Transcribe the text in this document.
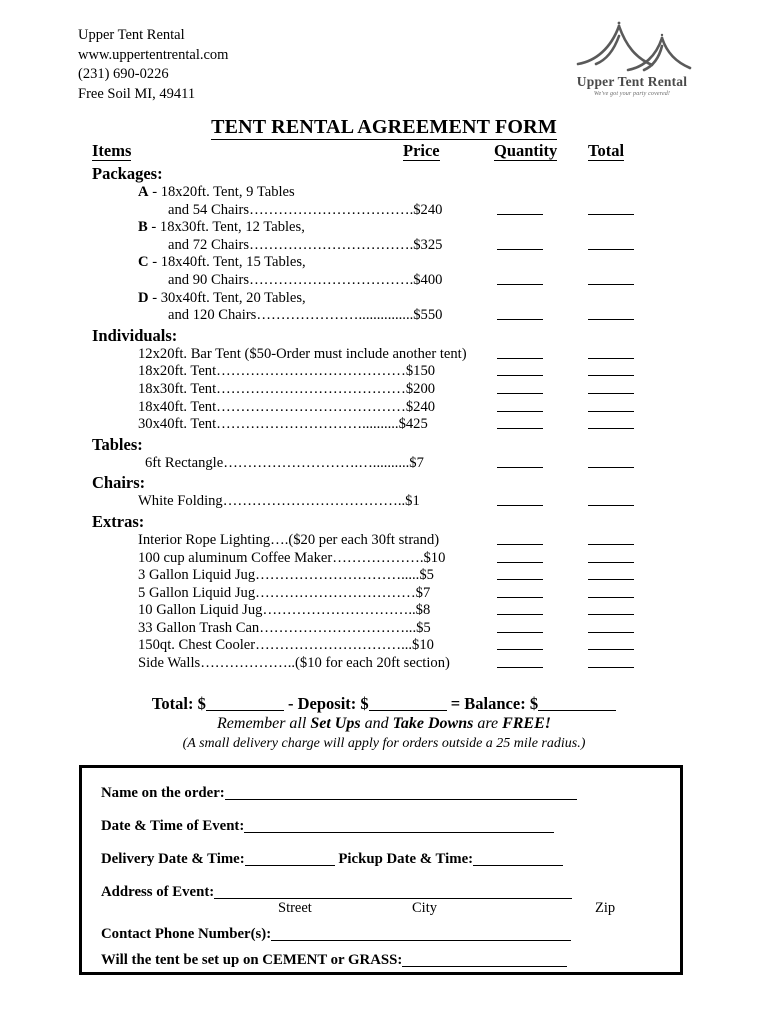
Upper Tent Rental
www.uppertentrental.com
(231) 690-0226
Free Soil MI, 49411
Upper Tent Rental
We've got your party covered!
TENT RENTAL AGREEMENT FORM
Items	Price	Quantity Total
Packages:
A - 18x20ft. Tent, 9 Tables
and 54 Chairs…………………………….$240
B - 18x30ft. Tent, 12 Tables,
and 72 Chairs…………………………….$325
C - 18x40ft. Tent, 15 Tables,
and 90 Chairs…………………………….$400
D - 30x40ft. Tent, 20 Tables,
and 120 Chairs…………………...............$550
Individuals:
12x20ft. Bar Tent ($50-Order must include another tent)
18x20ft. Tent…………………………………$150
18x30ft. Tent…………………………………$200
18x40ft. Tent…………………………………$240
30x40ft. Tent…………………………..........$425
Tables:
6ft Rectangle……………………….…..........$7
Chairs:
White Folding………………………………..$1
Extras:
Interior Rope Lighting….($20 per each 30ft strand)
100 cup aluminum Coffee Maker……………….$10
3 Gallon Liquid Jug………………………….....$5
5 Gallon Liquid Jug……………………………$7
10 Gallon Liquid Jug…………………………..$8
33 Gallon Trash Can…………………………...$5
150qt. Chest Cooler…………………………...$10
Side Walls………………..($10 for each 20ft section)
Total: $	- Deposit: $	= Balance: $
Remember all Set Ups and Take Downs are FREE!
(A small delivery charge will apply for orders outside a 25 mile radius.)
Name on the order:
Date & Time of Event:
Delivery Date & Time:	Pickup Date & Time:
Address of Event:
Street	City	Zip
Contact Phone Number(s):
Will the tent be set up on CEMENT or GRASS:
